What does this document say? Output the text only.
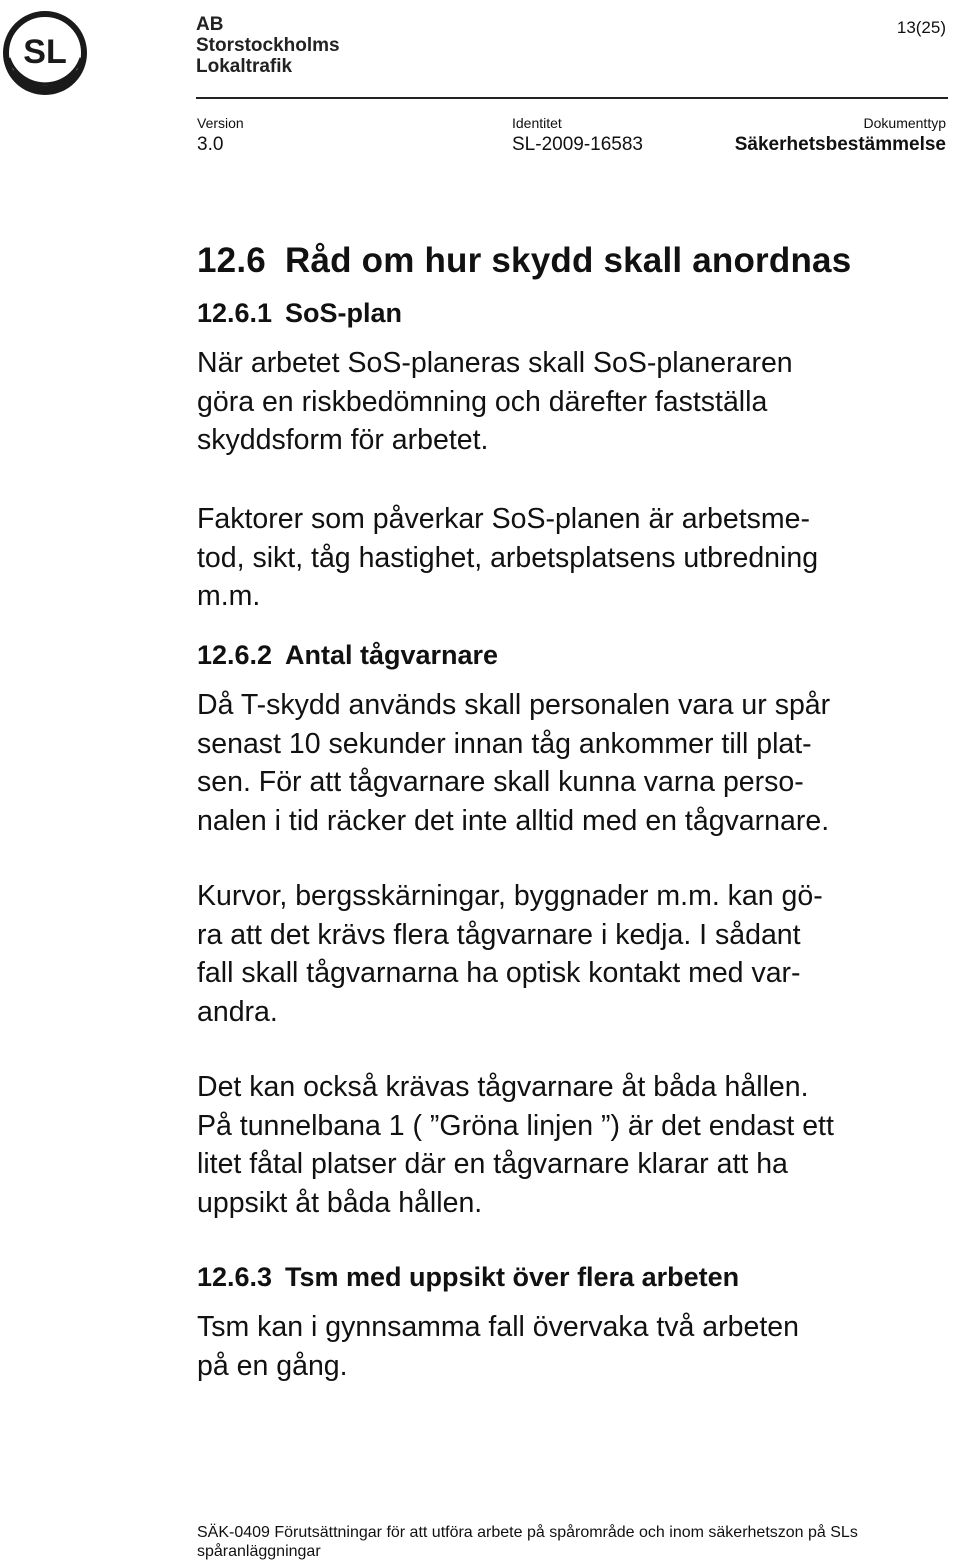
SL
AB
Storstockholms
Lokaltrafik
13(25)
Version
3.0
Identitet
SL-2009-16583
Dokumenttyp
Säkerhetsbestämmelse
12.6 Råd om hur skydd skall anordnas
12.6.1 SoS-plan
När arbetet SoS-planeras skall SoS-planeraren
göra en riskbedömning och därefter fastställa
skyddsform för arbetet.
Faktorer som påverkar SoS-planen är arbetsme-
tod, sikt, tåg hastighet, arbetsplatsens utbredning
m.m.
12.6.2 Antal tågvarnare
Då T-skydd används skall personalen vara ur spår
senast 10 sekunder innan tåg ankommer till plat-
sen. För att tågvarnare skall kunna varna perso-
nalen i tid räcker det inte alltid med en tågvarnare.
Kurvor, bergsskärningar, byggnader m.m. kan gö-
ra att det krävs flera tågvarnare i kedja. I sådant
fall skall tågvarnarna ha optisk kontakt med var-
andra.
Det kan också krävas tågvarnare åt båda hållen.
På tunnelbana 1 ( ”Gröna linjen ”) är det endast ett
litet fåtal platser där en tågvarnare klarar att ha
uppsikt åt båda hållen.
12.6.3 Tsm med uppsikt över flera arbeten
Tsm kan i gynnsamma fall övervaka två arbeten
på en gång.
SÄK-0409 Förutsättningar för att utföra arbete på spårområde och inom säkerhetszon på SLs
spåranläggningar
